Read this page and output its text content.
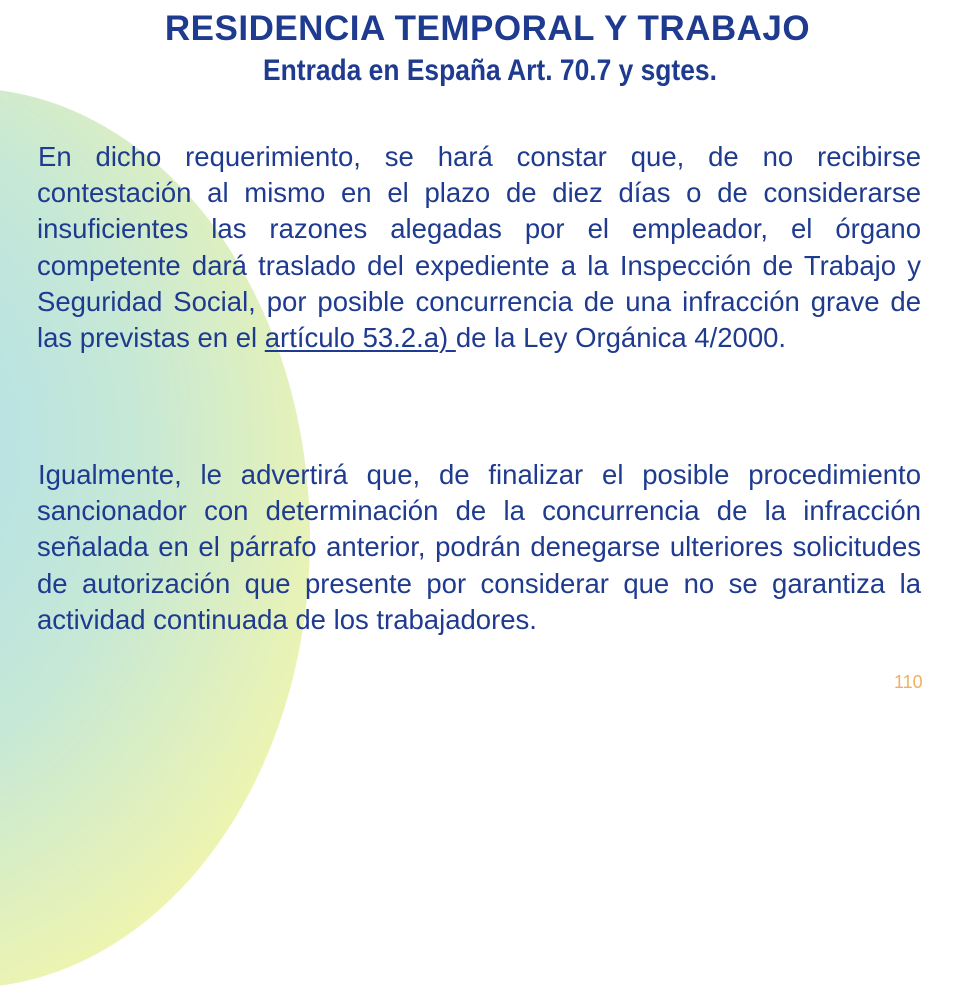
RESIDENCIA TEMPORAL Y TRABAJO
Entrada en España Art. 70.7 y sgtes.
En dicho requerimiento, se hará constar que, de no recibirse contestación al mismo en el plazo de diez días o de considerarse insuficientes las razones alegadas por el empleador, el órgano competente dará traslado del expediente a la Inspección de Trabajo y Seguridad Social, por posible concurrencia de una infracción grave de las previstas en el artículo 53.2.a) de la Ley Orgánica 4/2000.
Igualmente, le advertirá que, de finalizar el posible procedimiento sancionador con determinación de la concurrencia de la infracción señalada en el párrafo anterior, podrán denegarse ulteriores solicitudes de autorización que presente por considerar que no se garantiza la actividad continuada de los trabajadores.
110
